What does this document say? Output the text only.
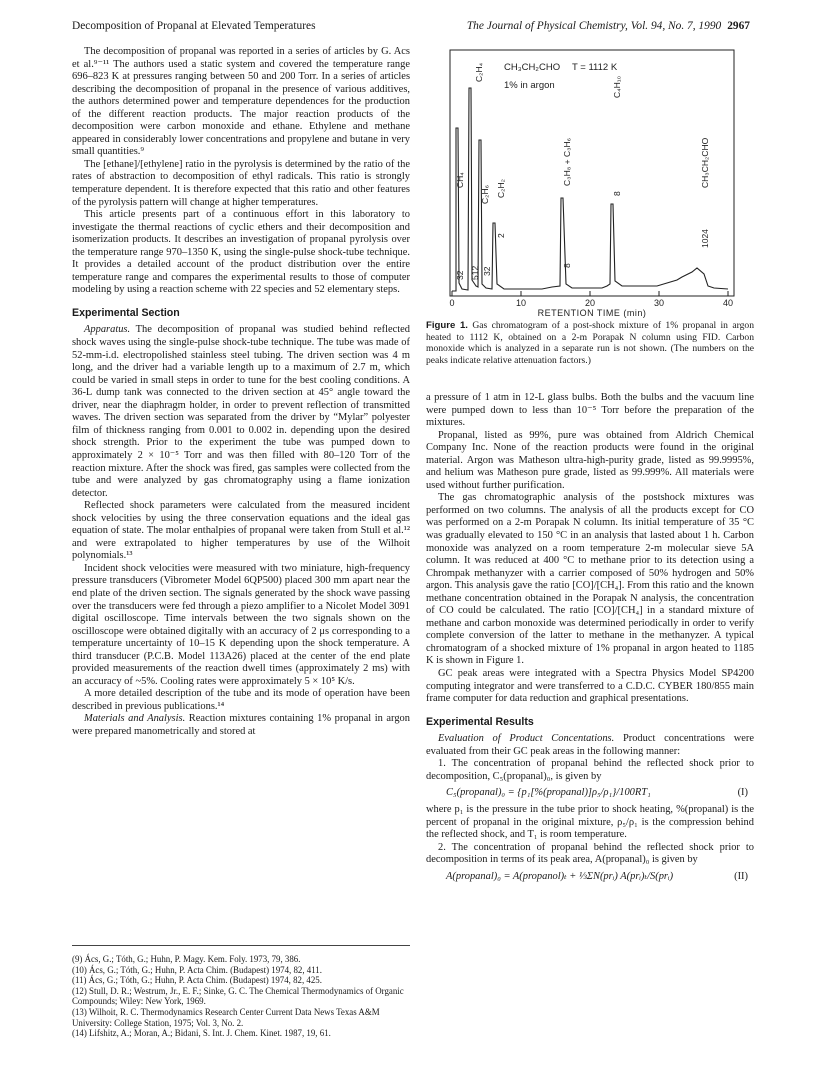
Decomposition of Propanal at Elevated Temperatures	The Journal of Physical Chemistry, Vol. 94, No. 7, 1990 2967

The decomposition of propanal was reported in a series of articles by G. Acs et al.⁹⁻¹¹ The authors used a static system and covered the temperature range 696–823 K at pressures ranging between 50 and 200 Torr. In a series of articles describing the decomposition of propanal in the presence of various additives, the authors determined power and temperature dependences for the production of the different reaction products. The major reaction products of the decomposition were carbon monoxide and ethane. Ethylene and methane appeared in considerably lower concentrations and propylene and butane in very small quantities.⁹

The [ethane]/[ethylene] ratio in the pyrolysis is determined by the ratio of the rates of abstraction to decomposition of ethyl radicals. This ratio is strongly temperature dependent. It is therefore expected that this ratio and other features of the pyrolysis pattern will change at higher temperatures.

This article presents part of a continuous effort in this laboratory to investigate the thermal reactions of cyclic ethers and their decomposition and isomerization products. It describes an investigation of propanal pyrolysis over the temperature range 970–1350 K, using the single-pulse shock-tube technique. It provides a detailed account of the product distribution over the entire temperature range and compares the experimental results to those of computer modeling by using a reaction scheme with 22 species and 52 elementary steps.

Experimental Section

Apparatus. The decomposition of propanal was studied behind reflected shock waves using the single-pulse shock-tube technique. The tube was made of 52-mm-i.d. electropolished stainless steel tubing. The driven section was 4 m long, and the driver had a variable length up to a maximum of 2.7 m, which could be varied in small steps in order to tune for the best cooling conditions. A 36-L dump tank was connected to the driven section at 45° angle toward the driver, near the diaphragm holder, in order to prevent reflection of transmitted waves. The driven section was separated from the driver by “Mylar” polyester film of thickness ranging from 0.001 to 0.002 in. depending upon the desired shock strength. Prior to the experiment the tube was pumped down to approximately 2 × 10⁻⁵ Torr and was then filled with 80–120 Torr of the reaction mixture. After the shock was fired, gas samples were collected from the tube and were analyzed by gas chromatography using a flame ionization detector.

Reflected shock parameters were calculated from the measured incident shock velocities by using the three conservation equations and the ideal gas equation of state. The molar enthalpies of propanal were taken from Stull et al.¹² and were extrapolated to higher temperatures by use of the Wilhoit polynomials.¹³

Incident shock velocities were measured with two miniature, high-frequency pressure transducers (Vibrometer Model 6QP500) placed 300 mm apart near the end plate of the driven section. The signals generated by the shock wave passing over the transducers were fed through a piezo amplifier to a Nicolet Model 3091 digital oscilloscope. Time intervals between the two signals shown on the oscilloscope were obtained digitally with an accuracy of 2 μs corresponding to a temperature uncertainty of 10–15 K depending upon the shock temperature. A third transducer (P.C.B. Model 113A26) placed at the center of the end plate provided measurements of the reaction dwell times (approximately 2 ms) with an accuracy of ~5%. Cooling rates were approximately 5 × 10⁵ K/s.

A more detailed description of the tube and its mode of operation have been described in previous publications.¹⁴

Materials and Analysis. Reaction mixtures containing 1% propanal in argon were prepared manometrically and stored at

(9) Ács, G.; Tóth, G.; Huhn, P. Magy. Kem. Foly. 1973, 79, 386.
(10) Ács, G.; Tóth, G.; Huhn, P. Acta Chim. (Budapest) 1974, 82, 411.
(11) Ács, G.; Tóth, G.; Huhn, P. Acta Chim. (Budapest) 1974, 82, 425.
(12) Stull, D. R.; Westrum, Jr., E. F.; Sinke, G. C. The Chemical Thermodynamics of Organic Compounds; Wiley: New York, 1969.
(13) Wilhoit, R. C. Thermodynamics Research Center Current Data News Texas A&M University: College Station, 1975; Vol. 3, No. 2.
(14) Lifshitz, A.; Moran, A.; Bidani, S. Int. J. Chem. Kinet. 1987, 19, 61.
CH₃CH₂CHO T = 1112 K
1% in argon
CH₄
32
C₂H₄
512
C₂H₆
32
C₂H₂
2
C₃H₈ + C₃H₆
8
C₄H₁₀
8
CH₃CH₂CHO
1024
0	10	20	30	40
RETENTION TIME (min)
Figure 1. Gas chromatogram of a post-shock mixture of 1% propanal in argon heated to 1112 K, obtained on a 2-m Porapak N column using FID. Carbon monoxide which is analyzed in a separate run is not shown. (The numbers on the peaks indicate relative attenuation factors.)

a pressure of 1 atm in 12-L glass bulbs. Both the bulbs and the vacuum line were pumped down to less than 10⁻⁵ Torr before the preparation of the mixtures.

Propanal, listed as 99%, pure was obtained from Aldrich Chemical Company Inc. None of the reaction products were found in the original material. Argon was Matheson ultra-high-purity grade, listed as 99.9995%, and helium was Matheson pure grade, listed as 99.999%. All materials were used without further purification.

The gas chromatographic analysis of the postshock mixtures was performed on two columns. The analysis of all the products except for CO was performed on a 2-m Porapak N column. Its initial temperature of 35 °C was gradually elevated to 150 °C in an analysis that lasted about 1 h. Carbon monoxide was analyzed on a room temperature 2-m molecular sieve 5A column. It was reduced at 400 °C to methane prior to its detection using a Chrompak methanyzer with a carrier composed of 50% hydrogen and 50% argon. This analysis gave the ratio [CO]/[CH₄]. From this ratio and the known methane concentration obtained in the Porapak N analysis, the concentration of CO could be calculated. The ratio [CO]/[CH₄] in a standard mixture of methane and carbon monoxide was determined periodically in order to verify complete conversion of the latter to methane in the methanyzer. A typical chromatogram of a shocked mixture of 1% propanal in argon heated to 1185 K is shown in Figure 1.

GC peak areas were integrated with a Spectra Physics Model SP4200 computing integrator and were transferred to a C.D.C. CYBER 180/855 main frame computer for data reduction and graphical presentations.

Experimental Results

Evaluation of Product Concentations. Product concentrations were evaluated from their GC peak areas in the following manner:

1. The concentration of propanal behind the reflected shock prior to decomposition, C₅(propanal)₀, is given by

C₅(propanal)₀ = {p₁[%(propanal)]ρ₅/ρ₁}/100RT₁	(I)

where p₁ is the pressure in the tube prior to shock heating, %(propanal) is the percent of propanal in the original mixture, ρ₅/ρ₁ is the compression behind the reflected shock, and T₁ is room temperature.

2. The concentration of propanal behind the reflected shock prior to decomposition in terms of its peak area, A(propanal)₀ is given by

A(propanal)₀ = A(propanol)ₜ + ⅓ΣN(prᵢ) A(prᵢ)ₜ/S(prᵢ)	(II)
